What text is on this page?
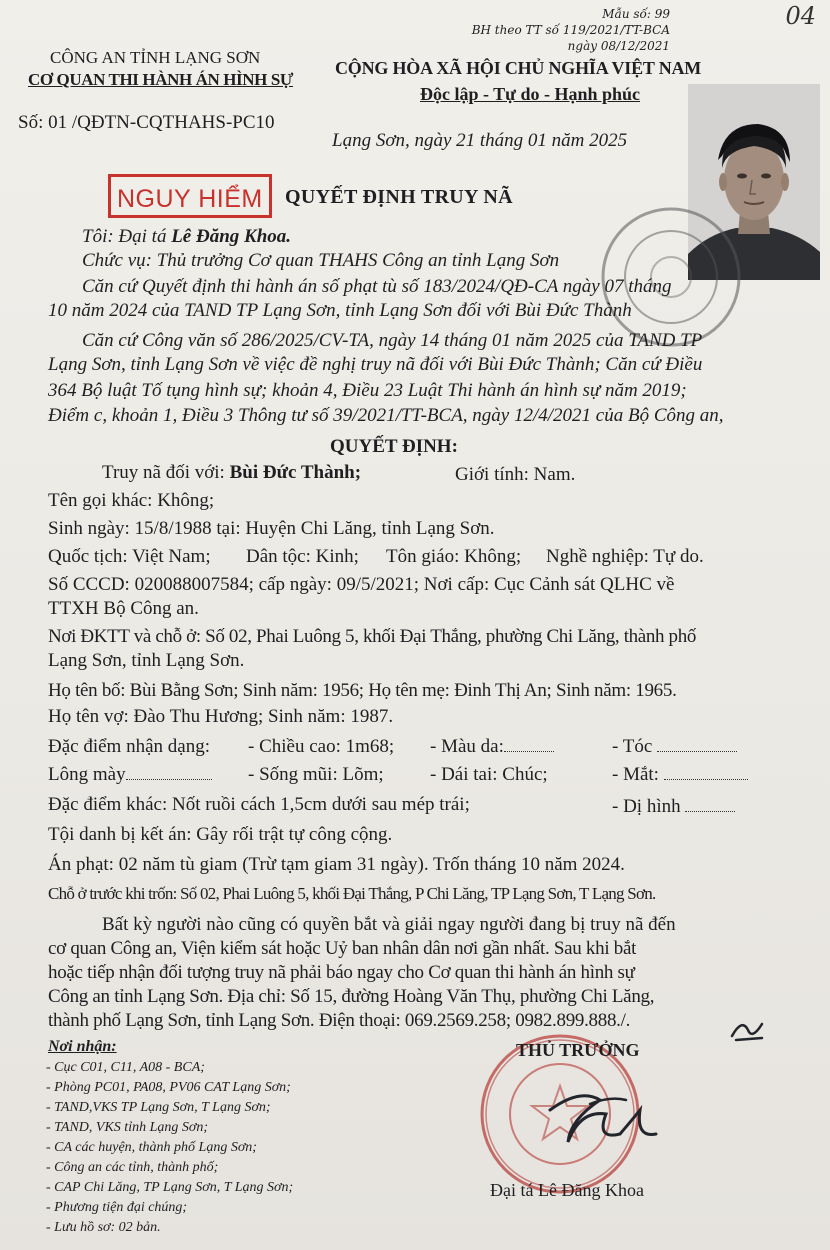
Mẫu số: 99
BH theo TT số 119/2021/TT-BCA
ngày 08/12/2021
04
CÔNG AN TỈNH LẠNG SƠN
CƠ QUAN THI HÀNH ÁN HÌNH SỰ
Số: 01 /QĐTN-CQTHAHS-PC10
CỘNG HÒA XÃ HỘI CHỦ NGHĨA VIỆT NAM
Độc lập - Tự do - Hạnh phúc
Lạng Sơn, ngày 21 tháng 01 năm 2025
NGUY HIỂM	QUYẾT ĐỊNH TRUY NÃ
Tôi: Đại tá Lê Đăng Khoa.
Chức vụ: Thủ trưởng Cơ quan THAHS Công an tỉnh Lạng Sơn
Căn cứ Quyết định thi hành án số phạt tù số 183/2024/QĐ-CA ngày 07 tháng
10 năm 2024 của TAND TP Lạng Sơn, tỉnh Lạng Sơn đối với Bùi Đức Thành
Căn cứ Công văn số 286/2025/CV-TA, ngày 14 tháng 01 năm 2025 của TAND TP
Lạng Sơn, tỉnh Lạng Sơn về việc đề nghị truy nã đối với Bùi Đức Thành; Căn cứ Điều
364 Bộ luật Tố tụng hình sự; khoản 4, Điều 23 Luật Thi hành án hình sự năm 2019;
Điểm c, khoản 1, Điều 3 Thông tư số 39/2021/TT-BCA, ngày 12/4/2021 của Bộ Công an,
QUYẾT ĐỊNH:
Truy nã đối với: Bùi Đức Thành;	Giới tính: Nam.
Tên gọi khác: Không;
Sinh ngày: 15/8/1988 tại: Huyện Chi Lăng, tỉnh Lạng Sơn.
Quốc tịch: Việt Nam; Dân tộc: Kinh; Tôn giáo: Không; Nghề nghiệp: Tự do.
Số CCCD: 020088007584; cấp ngày: 09/5/2021; Nơi cấp: Cục Cảnh sát QLHC về
TTXH Bộ Công an.
Nơi ĐKTT và chỗ ở: Số 02, Phai Luông 5, khối Đại Thắng, phường Chi Lăng, thành phố
Lạng Sơn, tỉnh Lạng Sơn.
Họ tên bố: Bùi Bằng Sơn; Sinh năm: 1956; Họ tên mẹ: Đinh Thị An; Sinh năm: 1965.
Họ tên vợ: Đào Thu Hương; Sinh năm: 1987.
Đặc điểm nhận dạng: - Chiều cao: 1m68; - Màu da:	- Tóc
Lông mày	- Sống mũi: Lõm; - Dái tai: Chúc;	- Mắt:
Đặc điểm khác: Nốt ruồi cách 1,5cm dưới sau mép trái;	- Dị hình
Tội danh bị kết án: Gây rối trật tự công cộng.
Án phạt: 02 năm tù giam (Trừ tạm giam 31 ngày). Trốn tháng 10 năm 2024.
Chỗ ở trước khi trốn: Số 02, Phai Luông 5, khối Đại Thắng, P Chi Lăng, TP Lạng Sơn, T Lạng Sơn.
Bất kỳ người nào cũng có quyền bắt và giải ngay người đang bị truy nã đến
cơ quan Công an, Viện kiểm sát hoặc Uỷ ban nhân dân nơi gần nhất. Sau khi bắt
hoặc tiếp nhận đối tượng truy nã phải báo ngay cho Cơ quan thi hành án hình sự
Công an tỉnh Lạng Sơn. Địa chỉ: Số 15, đường Hoàng Văn Thụ, phường Chi Lăng,
thành phố Lạng Sơn, tỉnh Lạng Sơn. Điện thoại: 069.2569.258; 0982.899.888./.
Nơi nhận:
- Cục C01, C11, A08 - BCA;
- Phòng PC01, PA08, PV06 CAT Lạng Sơn;
- TAND,VKS TP Lạng Sơn, T Lạng Sơn;
- TAND, VKS tỉnh Lạng Sơn;
- CA các huyện, thành phố Lạng Sơn;
- Công an các tỉnh, thành phố;
- CAP Chi Lăng, TP Lạng Sơn, T Lạng Sơn;
- Phương tiện đại chúng;
- Lưu hồ sơ: 02 bản.
THỦ TRƯỞNG
Đại tá Lê Đăng Khoa
